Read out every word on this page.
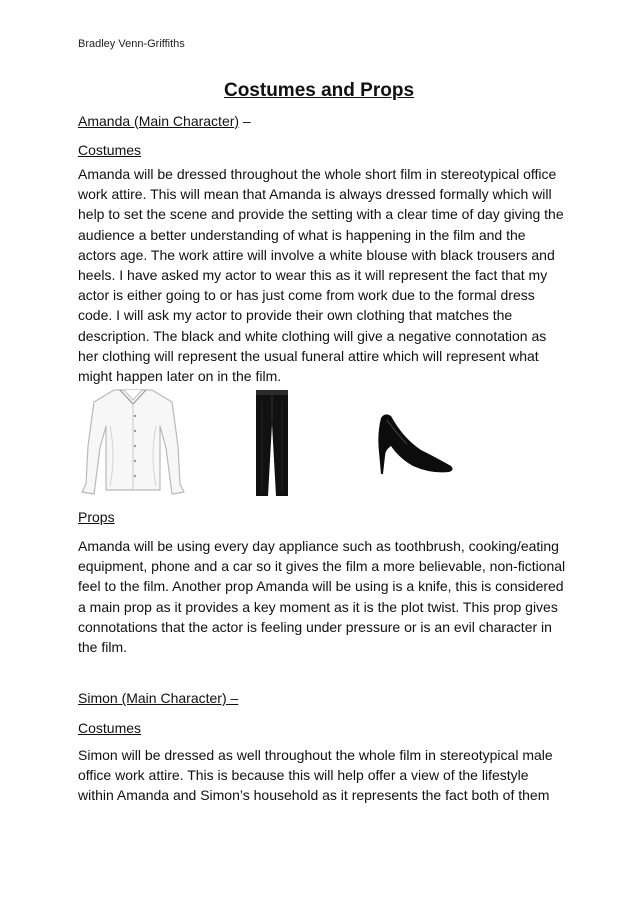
Bradley Venn-Griffiths
Costumes and Props
Amanda (Main Character) –
Costumes
Amanda will be dressed throughout the whole short film in stereotypical office
work attire. This will mean that Amanda is always dressed formally which will
help to set the scene and provide the setting with a clear time of day giving the
audience a better understanding of what is happening in the film and the
actors age. The work attire will involve a white blouse with black trousers and
heels. I have asked my actor to wear this as it will represent the fact that my
actor is either going to or has just come from work due to the formal dress
code. I will ask my actor to provide their own clothing that matches the
description. The black and white clothing will give a negative connotation as
her clothing will represent the usual funeral attire which will represent what
might happen later on in the film.
Props
Amanda will be using every day appliance such as toothbrush, cooking/eating
equipment, phone and a car so it gives the film a more believable, non-fictional
feel to the film. Another prop Amanda will be using is a knife, this is considered
a main prop as it provides a key moment as it is the plot twist. This prop gives
connotations that the actor is feeling under pressure or is an evil character in
the film.
Simon (Main Character) –
Costumes
Simon will be dressed as well throughout the whole film in stereotypical male
office work attire. This is because this will help offer a view of the lifestyle
within Amanda and Simon’s household as it represents the fact both of them
